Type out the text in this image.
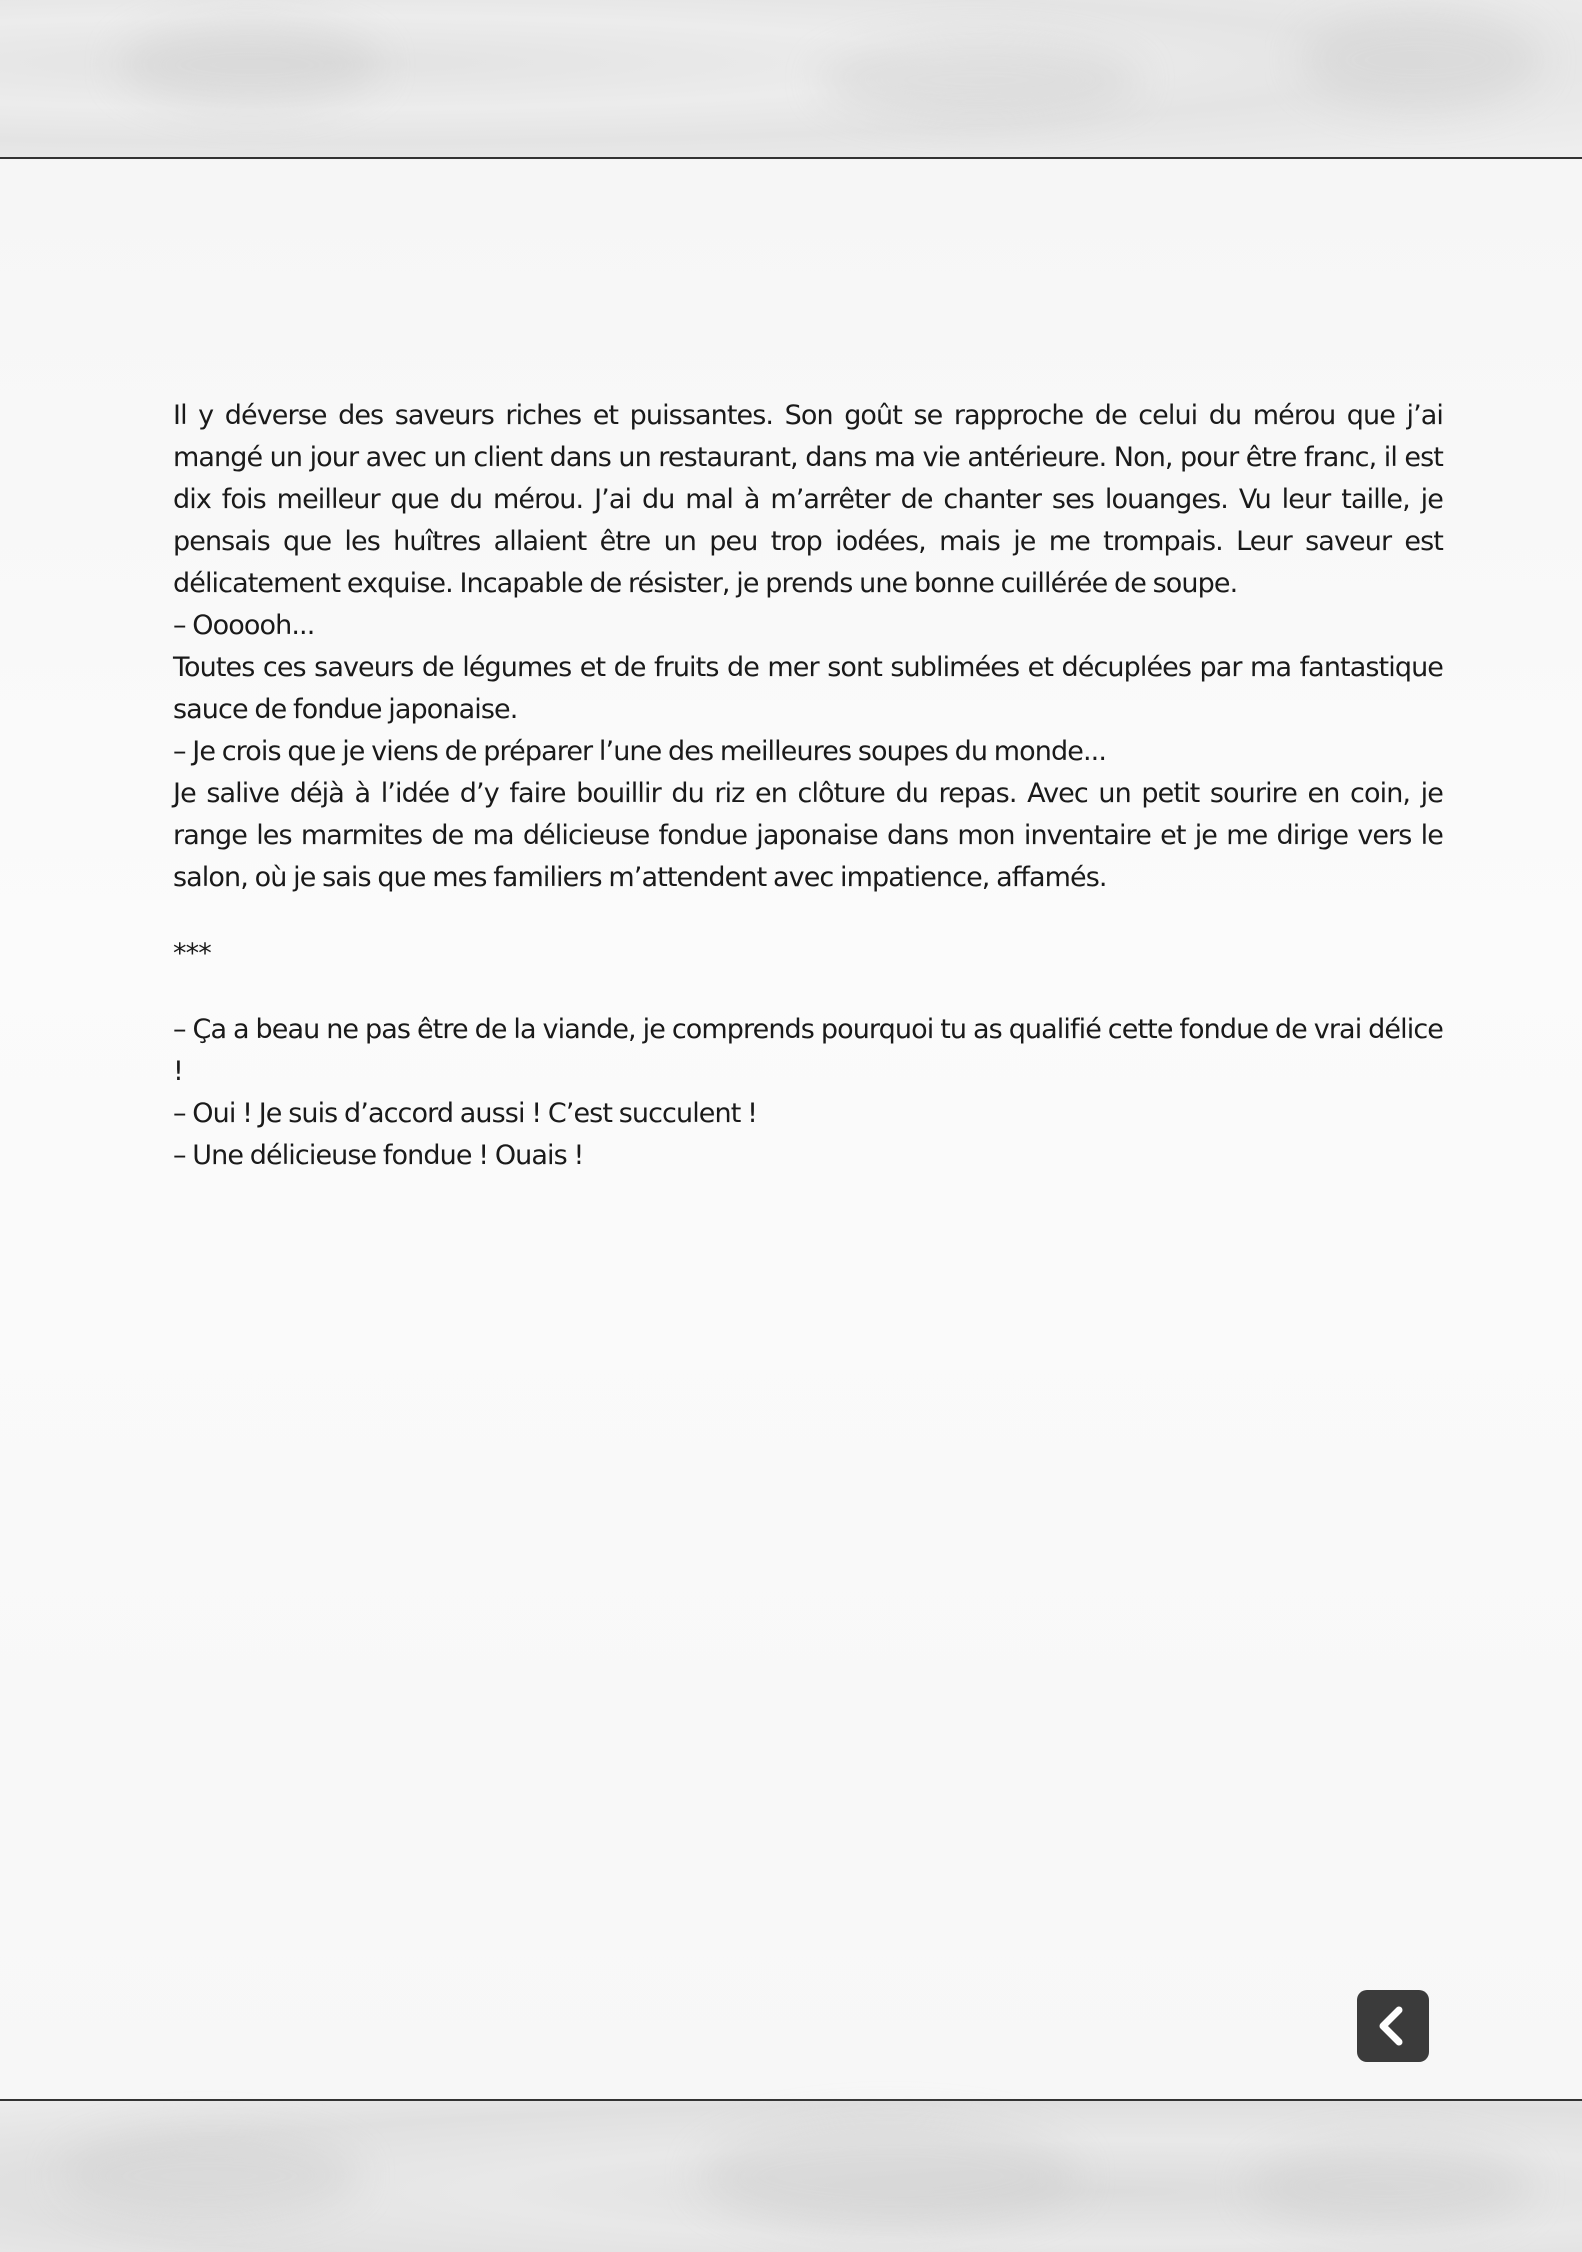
Il y déverse des saveurs riches et puissantes. Son goût se rapproche de celui du mérou que j’ai mangé un jour avec un client dans un restaurant, dans ma vie antérieure. Non, pour être franc, il est dix fois meilleur que du mérou. J’ai du mal à m’arrêter de chanter ses louanges. Vu leur taille, je pensais que les huîtres allaient être un peu trop iodées, mais je me trompais. Leur saveur est délicatement exquise. Incapable de résister, je prends une bonne cuillérée de soupe.

– Oooooh...

Toutes ces saveurs de légumes et de fruits de mer sont sublimées et décuplées par ma fantastique sauce de fondue japonaise.

– Je crois que je viens de préparer l’une des meilleures soupes du monde...

Je salive déjà à l’idée d’y faire bouillir du riz en clôture du repas. Avec un petit sourire en coin, je range les marmites de ma délicieuse fondue japonaise dans mon inventaire et je me dirige vers le salon, où je sais que mes familiers m’attendent avec impatience, affamés.

***

– Ça a beau ne pas être de la viande, je comprends pourquoi tu as qualifié cette fondue de vrai délice !

– Oui ! Je suis d’accord aussi ! C’est succulent !

– Une délicieuse fondue ! Ouais !
